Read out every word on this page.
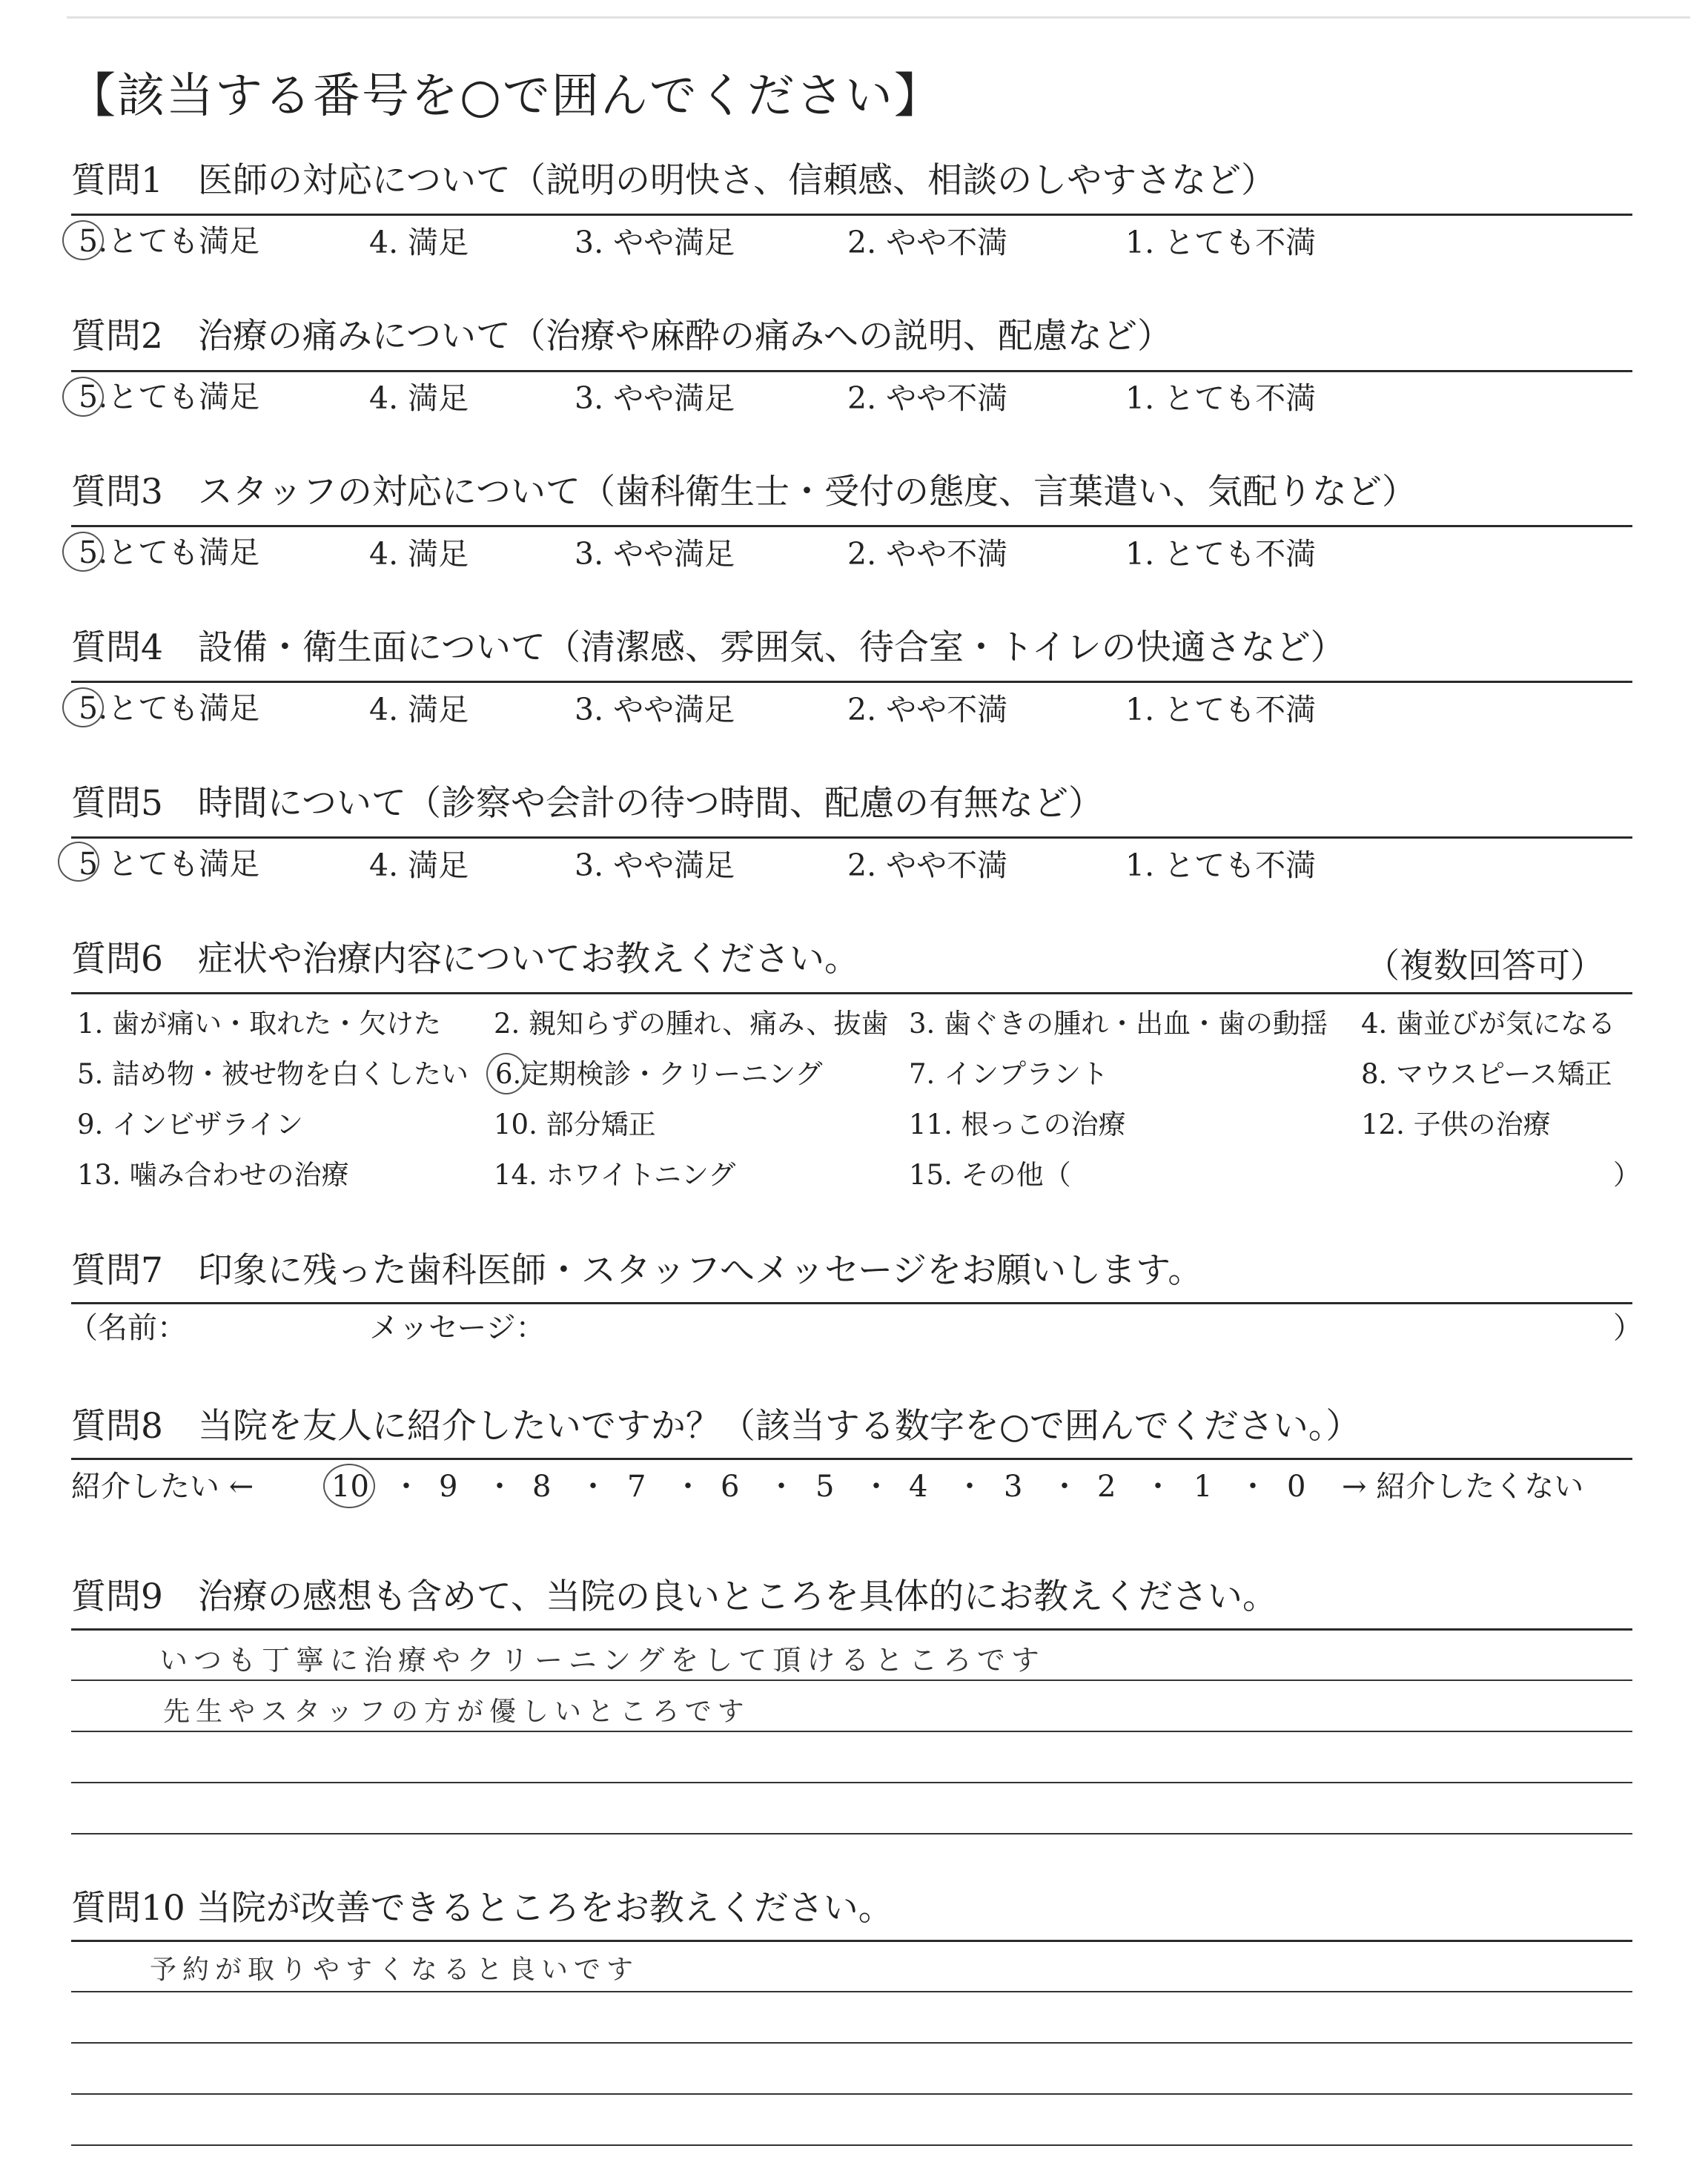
【該当する番号を○で囲んでください】
質問1　医師の対応について（説明の明快さ、信頼感、相談のしやすさなど）
5.とても満足	4. 満足	3. やや満足	2. やや不満	1. とても不満
質問2　治療の痛みについて（治療や麻酔の痛みへの説明、配慮など）
5.とても満足	4. 満足	3. やや満足	2. やや不満	1. とても不満
質問3　スタッフの対応について（歯科衛生士・受付の態度、言葉遣い、気配りなど）
5.とても満足	4. 満足	3. やや満足	2. やや不満	1. とても不満
質問4　設備・衛生面について（清潔感、雰囲気、待合室・トイレの快適さなど）
5.とても満足	4. 満足	3. やや満足	2. やや不満	1. とても不満
質問5　時間について（診察や会計の待つ時間、配慮の有無など）
5 とても満足	4. 満足	3. やや満足	2. やや不満	1. とても不満
質問6　症状や治療内容についてお教えください。	（複数回答可）
1. 歯が痛い・取れた・欠けた 2. 親知らずの腫れ、痛み、抜歯 3. 歯ぐきの腫れ・出血・歯の動揺 4. 歯並びが気になる
5. 詰め物・被せ物を白くしたい 6.定期検診・クリーニング	7. インプラント	8. マウスピース矯正
9. インビザライン	10. 部分矯正	11. 根っこの治療	12. 子供の治療
13. 噛み合わせの治療	14. ホワイトニング	15. その他（	）
質問7　印象に残った歯科医師・スタッフへメッセージをお願いします。
（名前：	メッセージ：	）
質問8　当院を友人に紹介したいですか？（該当する数字を○で囲んでください。）
紹介したい ←	10 ・ 9 ・ 8 ・ 7 ・ 6 ・ 5 ・ 4 ・ 3 ・ 2 ・ 1 ・ 0 → 紹介したくない
質問9　治療の感想も含めて、当院の良いところを具体的にお教えください。
いつも丁寧に治療やクリーニングをして頂けるところです
先生やスタッフの方が優しいところです
質問10 当院が改善できるところをお教えください。
予約が取りやすくなると良いです
